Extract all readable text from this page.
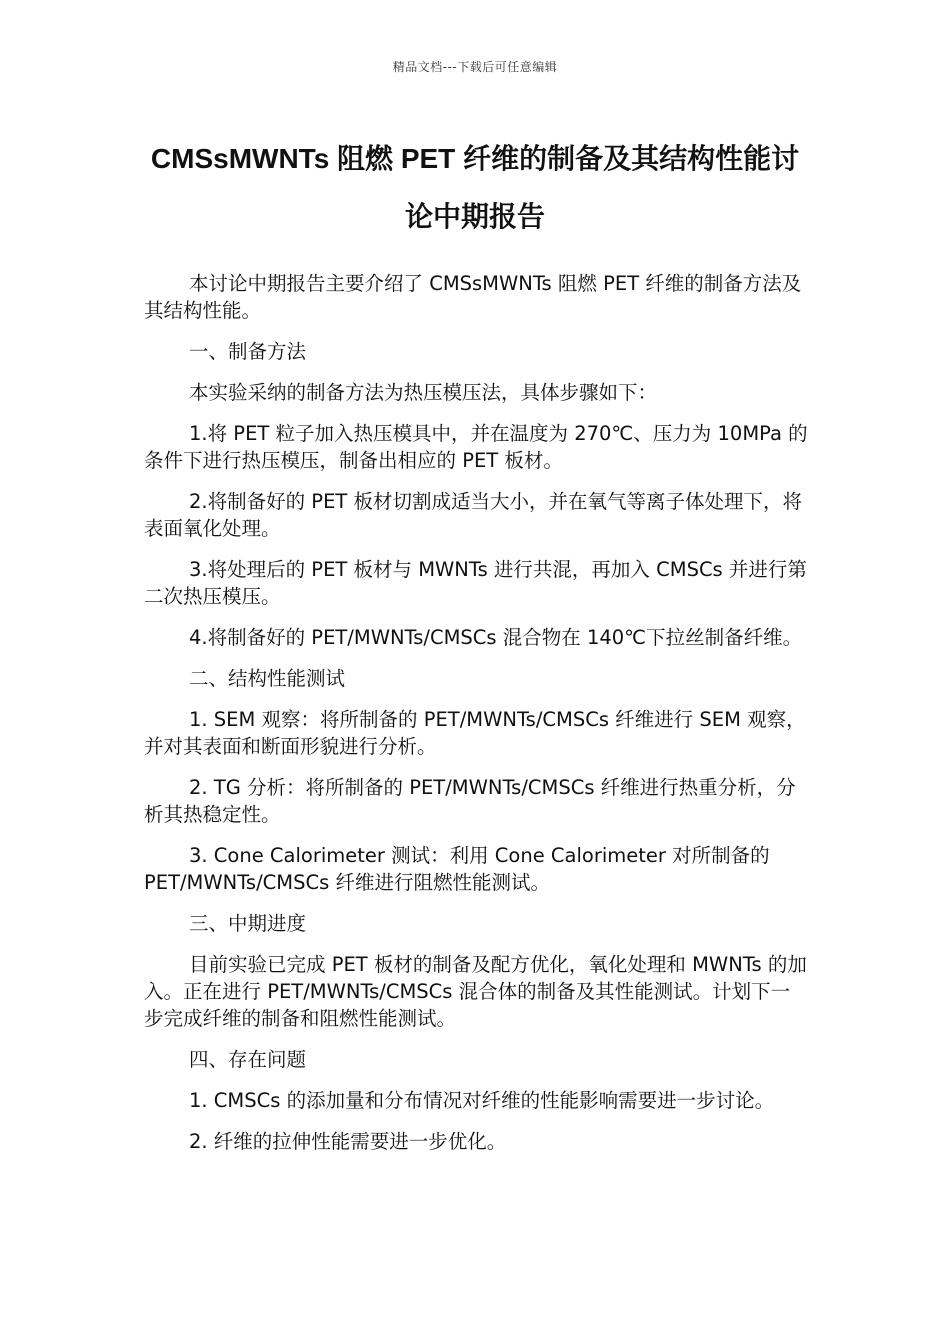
精品文档---下载后可任意编辑
CMSsMWNTs 阻燃 PET 纤维的制备及其结构性能讨论中期报告

本讨论中期报告主要介绍了 CMSsMWNTs 阻燃 PET 纤维的制备方法及其结构性能。

一、制备方法

本实验采纳的制备方法为热压模压法，具体步骤如下：

1.将 PET 粒子加入热压模具中，并在温度为 270℃、压力为 10MPa 的条件下进行热压模压，制备出相应的 PET 板材。

2.将制备好的 PET 板材切割成适当大小，并在氧气等离子体处理下，将表面氧化处理。

3.将处理后的 PET 板材与 MWNTs 进行共混，再加入 CMSCs 并进行第二次热压模压。

4.将制备好的 PET/MWNTs/CMSCs 混合物在 140℃下拉丝制备纤维。

二、结构性能测试

1. SEM 观察：将所制备的 PET/MWNTs/CMSCs 纤维进行 SEM 观察，并对其表面和断面形貌进行分析。

2. TG 分析：将所制备的 PET/MWNTs/CMSCs 纤维进行热重分析，分析其热稳定性。

3. Cone Calorimeter 测试：利用 Cone Calorimeter 对所制备的 PET/MWNTs/CMSCs 纤维进行阻燃性能测试。

三、中期进度

目前实验已完成 PET 板材的制备及配方优化，氧化处理和 MWNTs 的加入。正在进行 PET/MWNTs/CMSCs 混合体的制备及其性能测试。计划下一步完成纤维的制备和阻燃性能测试。

四、存在问题

1. CMSCs 的添加量和分布情况对纤维的性能影响需要进一步讨论。

2. 纤维的拉伸性能需要进一步优化。
